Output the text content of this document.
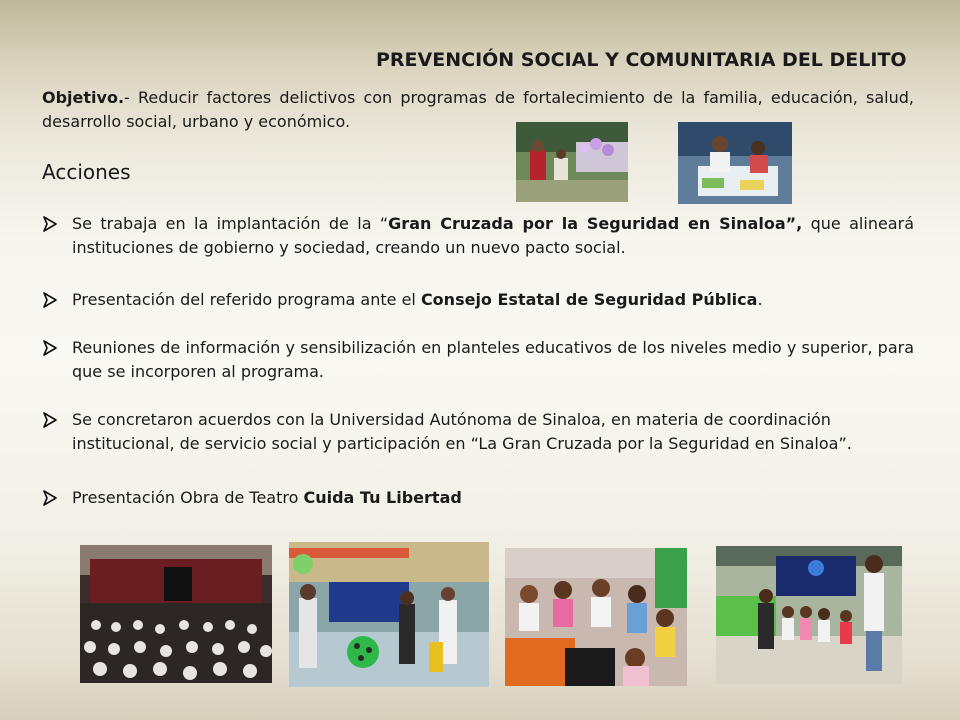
PREVENCIÓN SOCIAL Y COMUNITARIA DEL DELITO
Objetivo.- Reducir factores delictivos con programas de fortalecimiento de la familia, educación, salud, desarrollo social, urbano y económico.
Acciones
Se trabaja en la implantación de la “Gran Cruzada por la Seguridad en Sinaloa”, que alineará instituciones de gobierno y sociedad, creando un nuevo pacto social.
Presentación del referido programa ante el Consejo Estatal de Seguridad Pública.
Reuniones de información y sensibilización en planteles educativos de los niveles medio y superior, para que se incorporen al programa.
Se concretaron acuerdos con la Universidad Autónoma de Sinaloa, en materia de coordinación institucional, de servicio social y participación en “La Gran Cruzada por la Seguridad en Sinaloa”.
Presentación Obra de Teatro Cuida Tu Libertad
